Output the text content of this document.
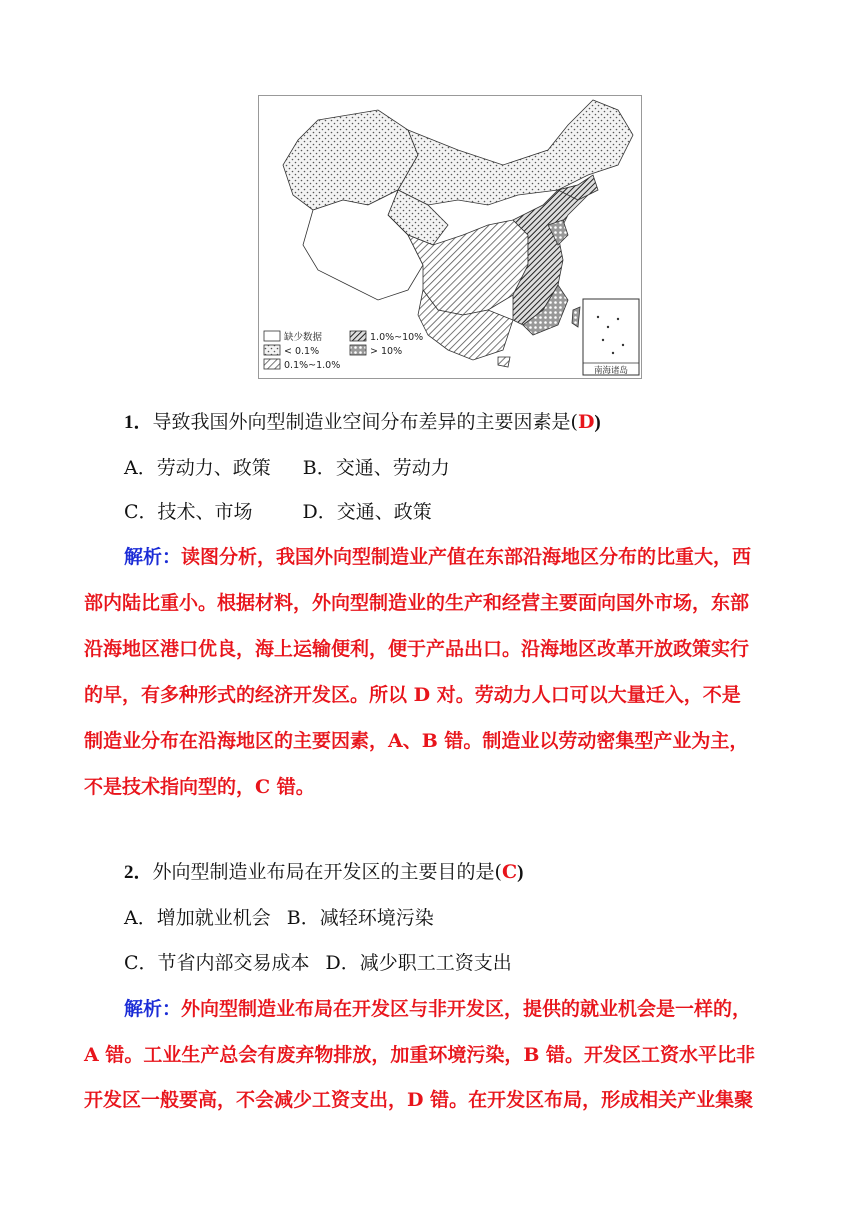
南海诸岛
缺少数据
< 0.1%
0.1%~1.0%
1.0%~10%
> 10%
1．导致我国外向型制造业空间分布差异的主要因素是(D)
A．劳动力、政策 B．交通、劳动力
C．技术、市场	D．交通、政策
解析：读图分析，我国外向型制造业产值在东部沿海地区分布的比重大，西
部内陆比重小。根据材料，外向型制造业的生产和经营主要面向国外市场，东部
沿海地区港口优良，海上运输便利，便于产品出口。沿海地区改革开放政策实行
的早，有多种形式的经济开发区。所以 D 对。劳动力人口可以大量迁入，不是
制造业分布在沿海地区的主要因素，A、B 错。制造业以劳动密集型产业为主，
不是技术指向型的，C 错。
2．外向型制造业布局在开发区的主要目的是(C)
A．增加就业机会 B．减轻环境污染
C．节省内部交易成本 D．减少职工工资支出
解析：外向型制造业布局在开发区与非开发区，提供的就业机会是一样的，
A 错。工业生产总会有废弃物排放，加重环境污染，B 错。开发区工资水平比非
开发区一般要高，不会减少工资支出，D 错。在开发区布局，形成相关产业集聚
